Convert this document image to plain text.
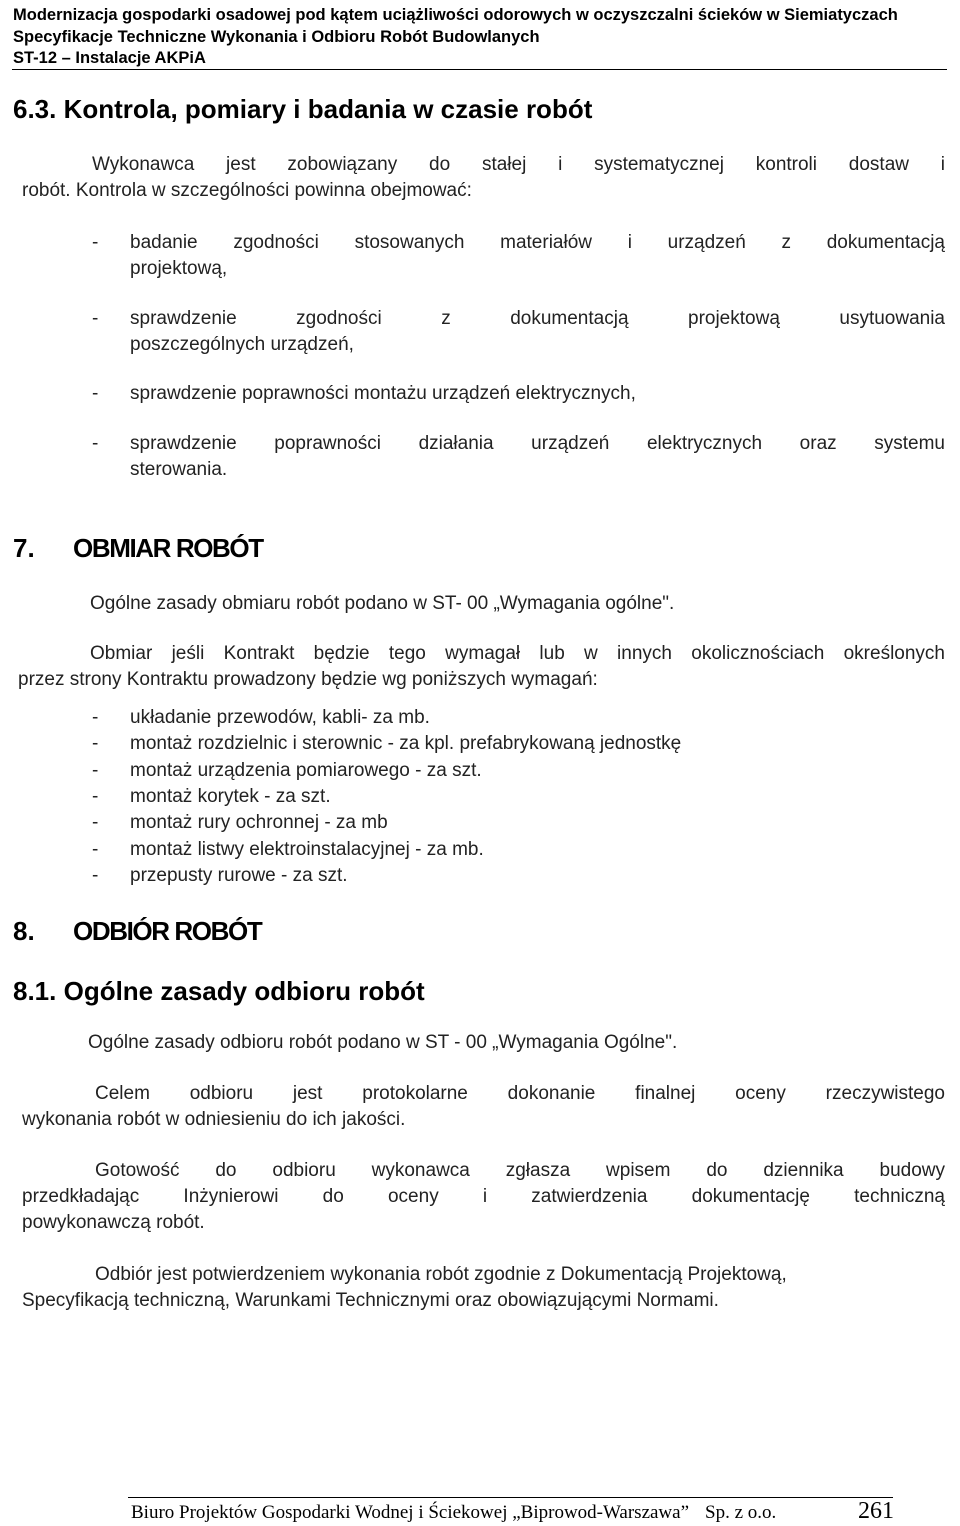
Modernizacja gospodarki osadowej pod kątem uciążliwości odorowych w oczyszczalni ścieków w Siemiatyczach
Specyfikacje Techniczne Wykonania i Odbioru Robót Budowlanych
ST-12 – Instalacje AKPiA
6.3. Kontrola, pomiary i badania w czasie robót
Wykonawca jest zobowiązany do stałej i systematycznej kontroli dostaw i
robót. Kontrola w szczególności powinna obejmować:
- badanie zgodności stosowanych materiałów i urządzeń z dokumentacją
projektową,
- sprawdzenie zgodności z dokumentacją projektową usytuowania
poszczególnych urządzeń,
- sprawdzenie poprawności montażu urządzeń elektrycznych,
- sprawdzenie poprawności działania urządzeń elektrycznych oraz systemu
sterowania.
7. OBMIAR ROBÓT
Ogólne zasady obmiaru robót podano w ST- 00 „Wymagania ogólne".
Obmiar jeśli Kontrakt będzie tego wymagał lub w innych okolicznościach określonych
przez strony Kontraktu prowadzony będzie wg poniższych wymagań:
- układanie przewodów, kabli- za mb.
- montaż rozdzielnic i sterownic - za kpl. prefabrykowaną jednostkę
- montaż urządzenia pomiarowego - za szt.
- montaż korytek - za szt.
- montaż rury ochronnej - za mb
- montaż listwy elektroinstalacyjnej - za mb.
- przepusty rurowe - za szt.
8. ODBIÓR ROBÓT
8.1. Ogólne zasady odbioru robót
Ogólne zasady odbioru robót podano w ST - 00 „Wymagania Ogólne".
Celem odbioru jest protokolarne dokonanie finalnej oceny rzeczywistego
wykonania robót w odniesieniu do ich jakości.
Gotowość do odbioru wykonawca zgłasza wpisem do dziennika budowy
przedkładając Inżynierowi do oceny i zatwierdzenia dokumentację techniczną
powykonawczą robót.
Odbiór jest potwierdzeniem wykonania robót zgodnie z Dokumentacją Projektową,
Specyfikacją techniczną, Warunkami Technicznymi oraz obowiązującymi Normami.
Biuro Projektów Gospodarki Wodnej i Ściekowej „Biprowod-Warszawa” Sp. z o.o.	261
